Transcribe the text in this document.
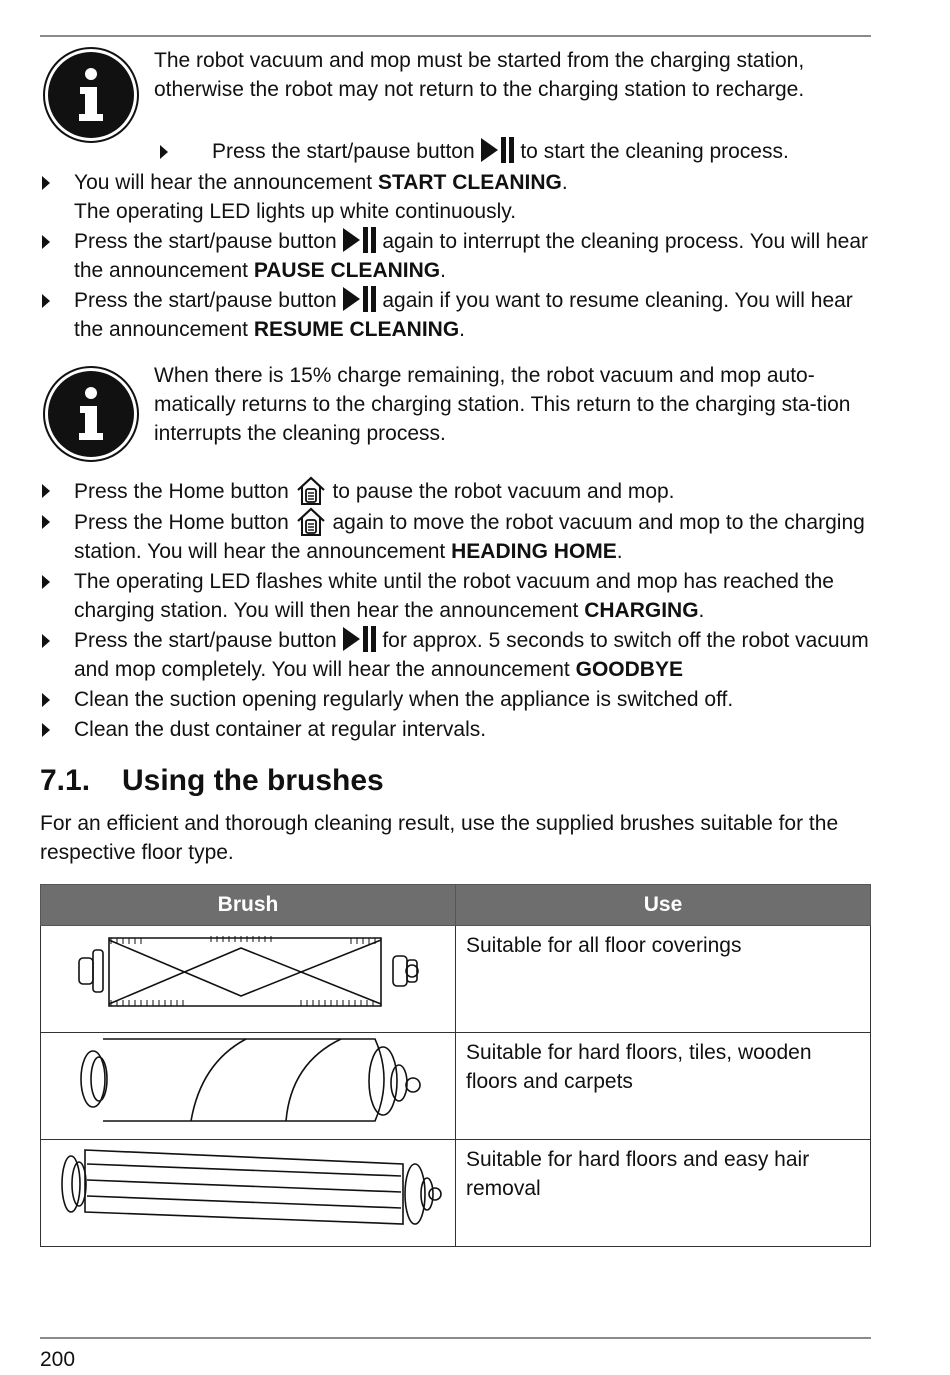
The robot vacuum and mop must be started from the charging station, otherwise the robot may not return to the charging station to recharge.
Press the start/pause button to start the cleaning process.
You will hear the announcement START CLEANING.
The operating LED lights up white continuously.
Press the start/pause button again to interrupt the cleaning process. You will hear the announcement PAUSE CLEANING.
Press the start/pause button again if you want to resume cleaning. You will hear the announcement RESUME CLEANING.
When there is 15% charge remaining, the robot vacuum and mop auto-matically returns to the charging station. This return to the charging sta-tion interrupts the cleaning process.
Press the Home button to pause the robot vacuum and mop.
Press the Home button again to move the robot vacuum and mop to the charging station. You will hear the announcement HEADING HOME.
The operating LED flashes white until the robot vacuum and mop has reached the charging station. You will then hear the announcement CHARGING.
Press the start/pause button for approx. 5 seconds to switch off the robot vacuum and mop completely. You will hear the announcement GOODBYE
Clean the suction opening regularly when the appliance is switched off.
Clean the dust container at regular intervals.
7.1. Using the brushes
For an efficient and thorough cleaning result, use the supplied brushes suitable for the respective floor type.
Brush	Use
	Suitable for all floor coverings
	Suitable for hard floors, tiles, wooden floors and carpets
	Suitable for hard floors and easy hair removal
200
